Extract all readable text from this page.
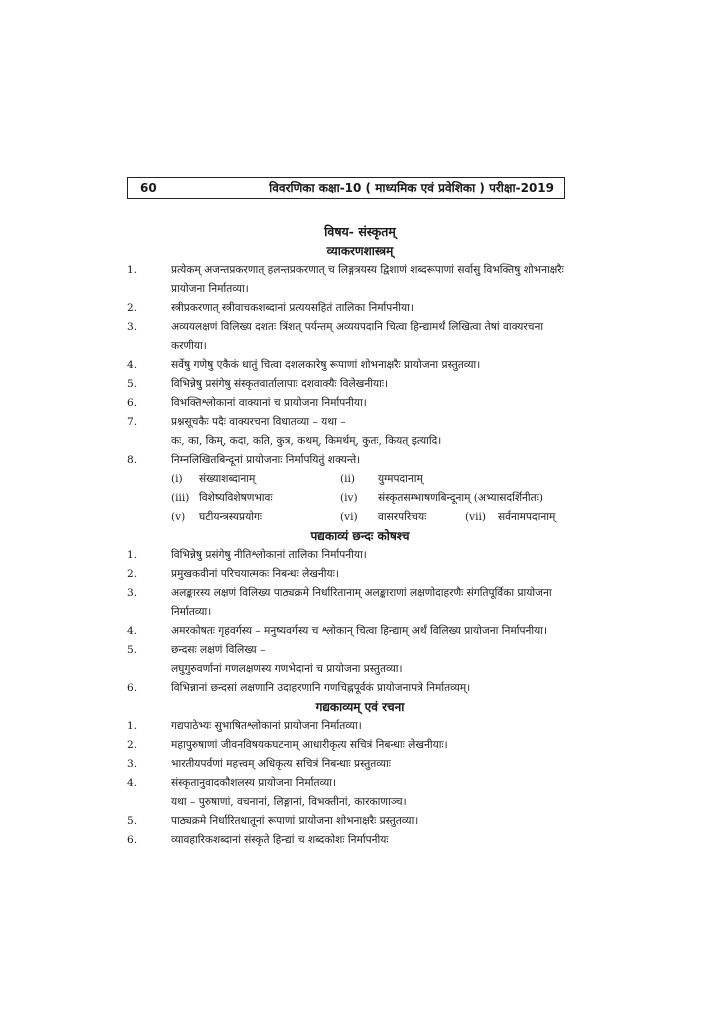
60	विवरणिका कक्षा-10 ( माध्यमिक एवं प्रवेशिका ) परीक्षा-2019
विषय- संस्कृतम्
व्याकरणशास्त्रम्
1.	प्रत्येकम् अजन्तप्रकरणात् हलन्तप्रकरणात् च लिङ्गत्रयस्य द्विशाणं शब्दरूपाणां सर्वासु विभक्तिषु शोभनाक्षरैः
प्रायोजना निर्मातव्या।
2.	स्त्रीप्रकरणात् स्त्रीवाचकशब्दानां प्रत्ययसहितं तालिका निर्मापनीया।
3.	अव्ययलक्षणं विलिख्य दशतः त्रिंशत् पर्यन्तम् अव्ययपदानि चित्वा हिन्द्यामर्थं लिखित्वा तेषां वाक्यरचना
करणीया।
4.	सर्वेषु गणेषु एकैकं धातुं चित्वा दशलकारेषु रूपाणां शोभनाक्षरैः प्रायोजना प्रस्तुतव्या।
5.	विभिन्नेषु प्रसंगेषु संस्कृतवार्तालापाः दशवाक्यैः विलेखनीयाः।
6.	विभक्तिश्लोकानां वाक्यानां च प्रायोजना निर्मापनीया।
7.	प्रश्नसूचकैः पदैः वाक्यरचना विधातव्या – यथा –
कः, का, किम्, कदा, कति, कुत्र, कथम्, किमर्थम्, कुतः, कियत् इत्यादि।
8.	निम्नलिखितबिन्दूनां प्रायोजनाः निर्मापयितुं शक्यन्ते।
(i) संख्याशब्दानाम्	(ii) युग्मपदानाम्
(iii) विशेष्यविशेषणभावः	(iv) संस्कृतसम्भाषणबिन्दूनाम् (अभ्यासदर्शिनीतः)
(v) घटीयन्त्रस्यप्रयोगः	(vi) वासरपरिचयः	(vii) सर्वनामपदानाम्
पद्यकाव्यं छन्दः कोषश्च
1.	विभिन्नेषु प्रसंगेषु नीतिश्लोकानां तालिका निर्मापनीया।
2.	प्रमुखकवीनां परिचयात्मकः निबन्धः लेखनीयः।
3.	अलङ्कारस्य लक्षणं विलिख्य पाठ्यक्रमे निर्धारितानाम् अलङ्काराणां लक्षणोदाहरणैः संगतिपूर्विका प्रायोजना
निर्मातव्या।
4.	अमरकोषतः गृहवर्गस्य – मनुष्यवर्गस्य च श्लोकान् चित्वा हिन्द्याम् अर्थं विलिख्य प्रायोजना निर्मापनीया।
5.	छन्दसः लक्षणं विलिख्य –
लघुगुरुवर्णानां गणलक्षणस्य गणभेदानां च प्रायोजना प्रस्तुतव्या।
6.	विभिन्नानां छन्दसां लक्षणानि उदाहरणानि गणचिह्नपूर्वकं प्रायोजनापत्रे निर्मातव्यम्।
गद्यकाव्यम् एवं रचना
1.	गद्यपाठेभ्यः सुभाषितश्लोकानां प्रायोजना निर्मातव्या।
2.	महापुरुषाणां जीवनविषयकघटनाम् आधारीकृत्य सचित्रं निबन्धाः लेखनीयाः।
3.	भारतीयपर्वणां महत्त्वम् अधिकृत्य सचित्रं निबन्धाः प्रस्तुतव्याः
4.	संस्कृतानुवादकौशलस्य प्रायोजना निर्मातव्या।
यथा – पुरुषाणां, वचनानां, लिङ्गानां, विभक्तीनां, कारकाणाञ्च।
5.	पाठ्यक्रमे निर्धारितधातूनां रूपाणां प्रायोजना शोभनाक्षरैः प्रस्तुतव्या।
6.	व्यावहारिकशब्दानां संस्कृते हिन्द्यां च शब्दकोशः निर्मापनीयः
